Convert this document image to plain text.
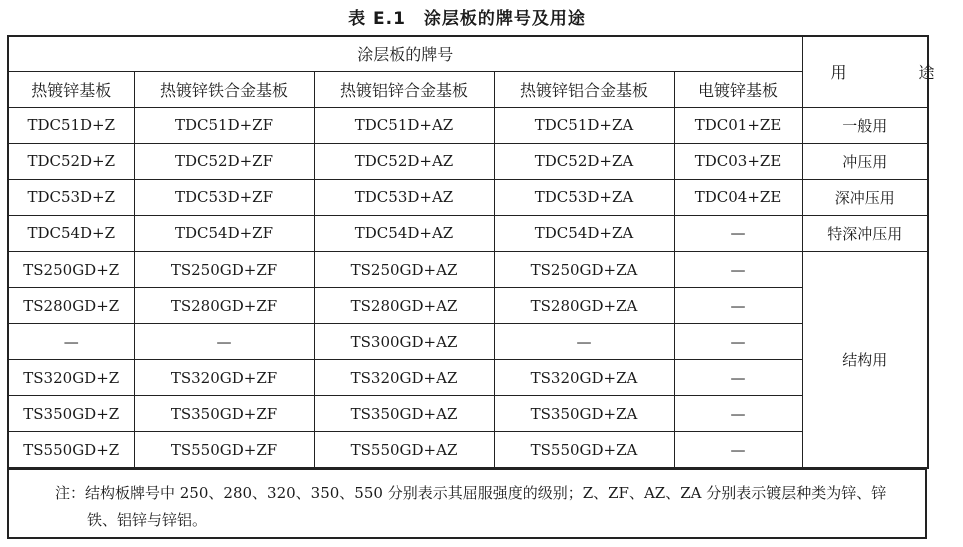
表 E.1　涂层板的牌号及用途
涂层板的牌号					用　途
热镀锌基板	热镀锌铁合金基板	热镀铝锌合金基板	热镀锌铝合金基板	电镀锌基板	
TDC51D+Z	TDC51D+ZF	TDC51D+AZ	TDC51D+ZA	TDC01+ZE	一般用
TDC52D+Z	TDC52D+ZF	TDC52D+AZ	TDC52D+ZA	TDC03+ZE	冲压用
TDC53D+Z	TDC53D+ZF	TDC53D+AZ	TDC53D+ZA	TDC04+ZE	深冲压用
TDC54D+Z	TDC54D+ZF	TDC54D+AZ	TDC54D+ZA	—	特深冲压用
TS250GD+Z	TS250GD+ZF	TS250GD+AZ	TS250GD+ZA	—	结构用
TS280GD+Z	TS280GD+ZF	TS280GD+AZ	TS280GD+ZA	—	
—	—	TS300GD+AZ	—	—	
TS320GD+Z	TS320GD+ZF	TS320GD+AZ	TS320GD+ZA	—	
TS350GD+Z	TS350GD+ZF	TS350GD+AZ	TS350GD+ZA	—	
TS550GD+Z	TS550GD+ZF	TS550GD+AZ	TS550GD+ZA	—	
注：结构板牌号中 250、280、320、350、550 分别表示其屈服强度的级别；Z、ZF、AZ、ZA 分别表示镀层种类为锌、锌
铁、铝锌与锌铝。
